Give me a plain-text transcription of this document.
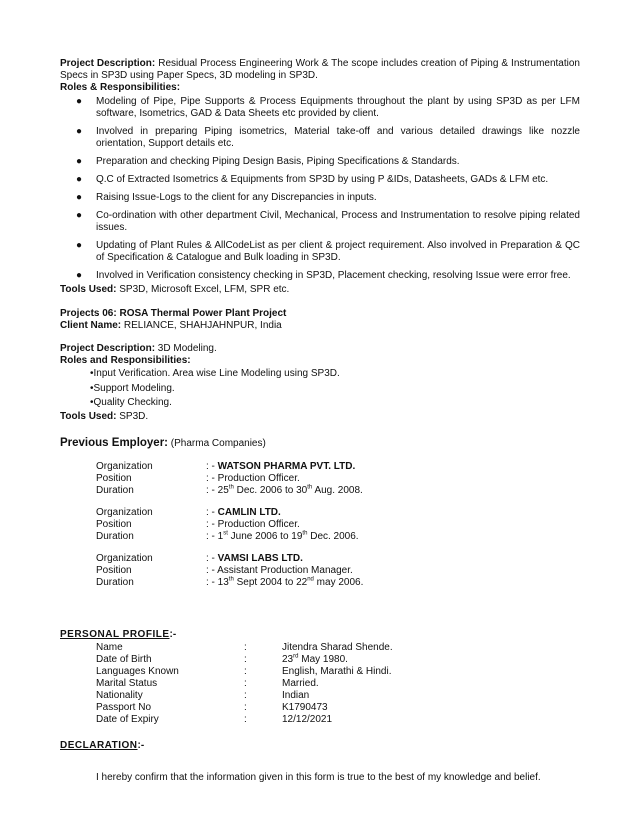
Project Description: Residual Process Engineering Work & The scope includes creation of Piping & Instrumentation Specs in SP3D using Paper Specs, 3D modeling in SP3D.

Roles & Responsibilities:

● Modeling of Pipe, Pipe Supports & Process Equipments throughout the plant by using SP3D as per LFM software, Isometrics, GAD & Data Sheets etc provided by client.
● Involved in preparing Piping isometrics, Material take-off and various detailed drawings like nozzle orientation, Support details etc.
● Preparation and checking Piping Design Basis, Piping Specifications & Standards.
● Q.C of Extracted Isometrics & Equipments from SP3D by using P &IDs, Datasheets, GADs & LFM etc.
● Raising Issue-Logs to the client for any Discrepancies in inputs.
● Co-ordination with other department Civil, Mechanical, Process and Instrumentation to resolve piping related issues.
● Updating of Plant Rules & AllCodeList as per client & project requirement. Also involved in Preparation & QC of Specification & Catalogue and Bulk loading in SP3D.
● Involved in Verification consistency checking in SP3D, Placement checking, resolving Issue were error free.

Tools Used: SP3D, Microsoft Excel, LFM, SPR etc.

Projects 06: ROSA Thermal Power Plant Project

Client Name: RELIANCE, SHAHJAHNPUR, India

Project Description: 3D Modeling.

Roles and Responsibilities:

•Input Verification. Area wise Line Modeling using SP3D.

•Support Modeling.

•Quality Checking.

Tools Used: SP3D.

Previous Employer: (Pharma Companies)

Organization	: - WATSON PHARMA PVT. LTD.
Position	: - Production Officer.
Duration	: - 25th Dec. 2006 to 30th Aug. 2008.
Organization	: - CAMLIN LTD.
Position	: - Production Officer.
Duration	: - 1st June 2006 to 19th Dec. 2006.
Organization	: - VAMSI LABS LTD.
Position	: - Assistant Production Manager.
Duration	: - 13th Sept 2004 to 22nd may 2006.

PERSONAL PROFILE:-

Name	:	Jitendra Sharad Shende.
Date of Birth	:	23rd May 1980.
Languages Known	:	English, Marathi & Hindi.
Marital Status	:	Married.
Nationality	:	Indian
Passport No	:	K1790473
Date of Expiry	:	12/12/2021

DECLARATION:-

I hereby confirm that the information given in this form is true to the best of my knowledge and belief.
